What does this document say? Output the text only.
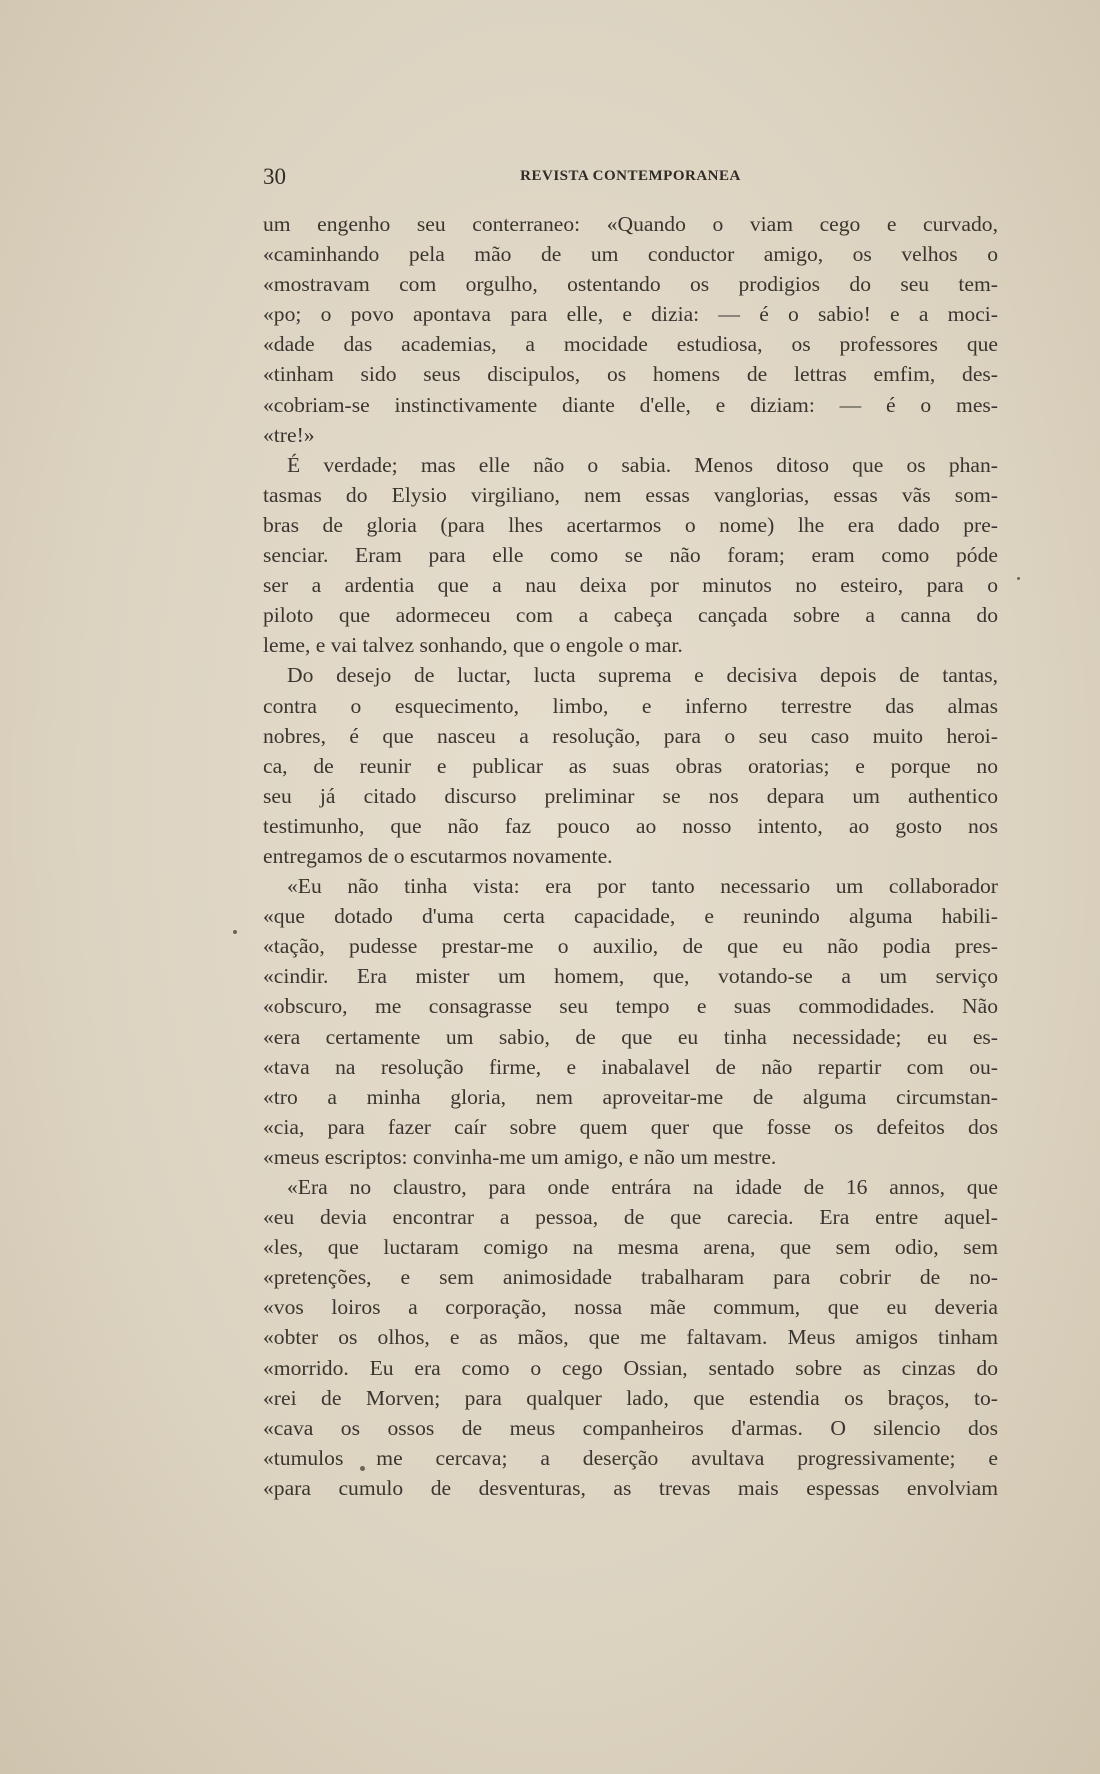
30	REVISTA CONTEMPORANEA
um engenho seu conterraneo: «Quando o viam cego e curvado,
«caminhando pela mão de um conductor amigo, os velhos o
«mostravam com orgulho, ostentando os prodigios do seu tem-
«po; o povo apontava para elle, e dizia: — é o sabio! e a moci-
«dade das academias, a mocidade estudiosa, os professores que
«tinham sido seus discipulos, os homens de lettras emfim, des-
«cobriam-se instinctivamente diante d'elle, e diziam: — é o mes-
«tre!»
É verdade; mas elle não o sabia. Menos ditoso que os phan-
tasmas do Elysio virgiliano, nem essas vanglorias, essas vãs som-
bras de gloria (para lhes acertarmos o nome) lhe era dado pre-
senciar. Eram para elle como se não foram; eram como póde
ser a ardentia que a nau deixa por minutos no esteiro, para o
piloto que adormeceu com a cabeça cançada sobre a canna do
leme, e vai talvez sonhando, que o engole o mar.
Do desejo de luctar, lucta suprema e decisiva depois de tantas,
contra o esquecimento, limbo, e inferno terrestre das almas
nobres, é que nasceu a resolução, para o seu caso muito heroi-
ca, de reunir e publicar as suas obras oratorias; e porque no
seu já citado discurso preliminar se nos depara um authentico
testimunho, que não faz pouco ao nosso intento, ao gosto nos
entregamos de o escutarmos novamente.
«Eu não tinha vista: era por tanto necessario um collaborador
«que dotado d'uma certa capacidade, e reunindo alguma habili-
«tação, pudesse prestar-me o auxilio, de que eu não podia pres-
«cindir. Era mister um homem, que, votando-se a um serviço
«obscuro, me consagrasse seu tempo e suas commodidades. Não
«era certamente um sabio, de que eu tinha necessidade; eu es-
«tava na resolução firme, e inabalavel de não repartir com ou-
«tro a minha gloria, nem aproveitar-me de alguma circumstan-
«cia, para fazer caír sobre quem quer que fosse os defeitos dos
«meus escriptos: convinha-me um amigo, e não um mestre.
«Era no claustro, para onde entrára na idade de 16 annos, que
«eu devia encontrar a pessoa, de que carecia. Era entre aquel-
«les, que luctaram comigo na mesma arena, que sem odio, sem
«pretenções, e sem animosidade trabalharam para cobrir de no-
«vos loiros a corporação, nossa mãe commum, que eu deveria
«obter os olhos, e as mãos, que me faltavam. Meus amigos tinham
«morrido. Eu era como o cego Ossian, sentado sobre as cinzas do
«rei de Morven; para qualquer lado, que estendia os braços, to-
«cava os ossos de meus companheiros d'armas. O silencio dos
«tumulos me cercava; a deserção avultava progressivamente; e
«para cumulo de desventuras, as trevas mais espessas envolviam
